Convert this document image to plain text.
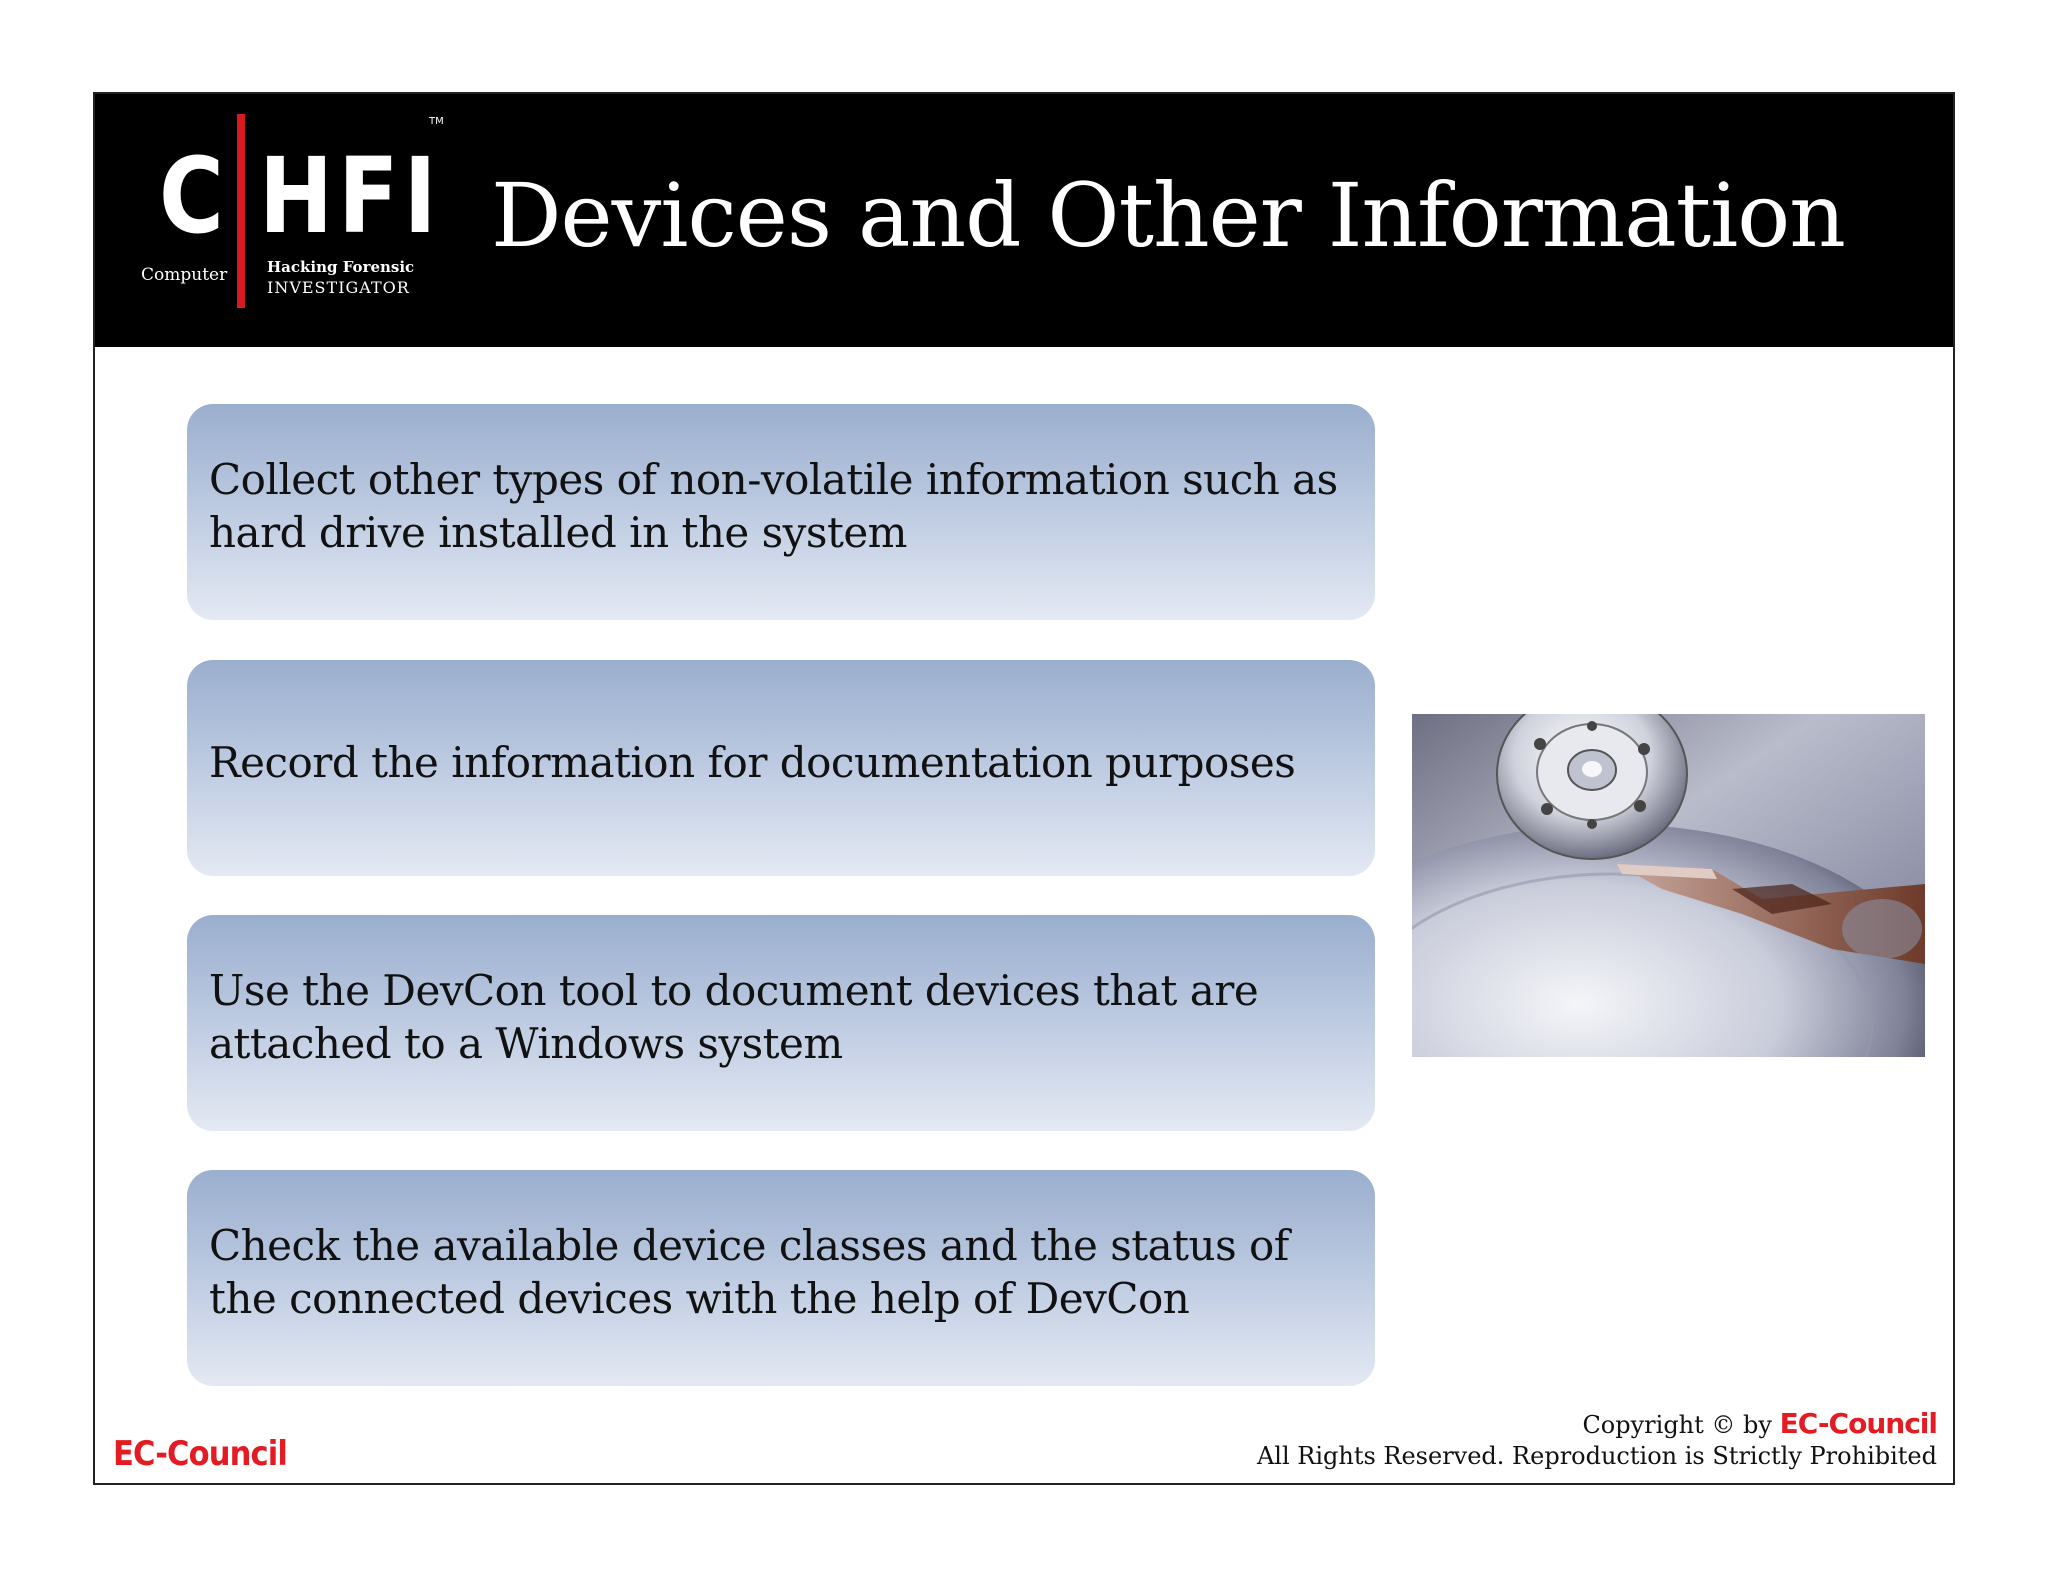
C HFI
TM
Computer	Hacking Forensic
INVESTIGATOR
Devices and Other Information
Collect other types of non-volatile information such as hard drive installed in the system
Record the information for documentation purposes
Use the DevCon tool to document devices that are attached to a Windows system
Check the available device classes and the status of the connected devices with the help of DevCon
EC-Council
Copyright © by EC-Council
All Rights Reserved. Reproduction is Strictly Prohibited
